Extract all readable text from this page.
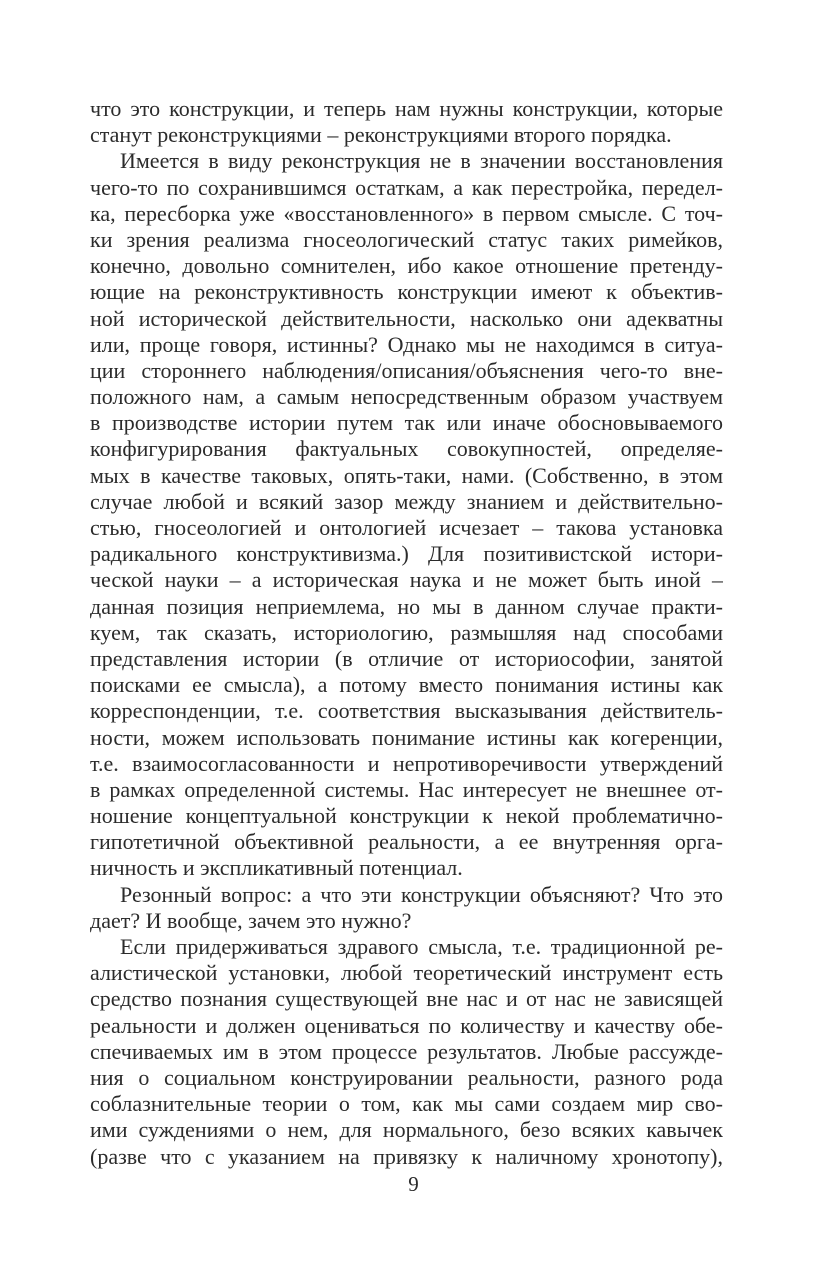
что это конструкции, и теперь нам нужны конструкции, которые
станут реконструкциями – реконструкциями второго порядка.
Имеется в виду реконструкция не в значении восстановления
чего-то по сохранившимся остаткам, а как перестройка, передел-
ка, пересборка уже «восстановленного» в первом смысле. С точ-
ки зрения реализма гносеологический статус таких римейков,
конечно, довольно сомнителен, ибо какое отношение претенду-
ющие на реконструктивность конструкции имеют к объектив-
ной исторической действительности, насколько они адекватны
или, проще говоря, истинны? Однако мы не находимся в ситуа-
ции стороннего наблюдения/описания/объяснения чего-то вне-
положного нам, а самым непосредственным образом участвуем
в производстве истории путем так или иначе обосновываемого
конфигурирования фактуальных совокупностей, определяе-
мых в качестве таковых, опять-таки, нами. (Собственно, в этом
случае любой и всякий зазор между знанием и действительно-
стью, гносеологией и онтологией исчезает – такова установка
радикального конструктивизма.) Для позитивистской истори-
ческой науки – а историческая наука и не может быть иной –
данная позиция неприемлема, но мы в данном случае практи-
куем, так сказать, историологию, размышляя над способами
представления истории (в отличие от историософии, занятой
поисками ее смысла), а потому вместо понимания истины как
корреспонденции, т.е. соответствия высказывания действитель-
ности, можем использовать понимание истины как когеренции,
т.е. взаимосогласованности и непротиворечивости утверждений
в рамках определенной системы. Нас интересует не внешнее от-
ношение концептуальной конструкции к некой проблематично-
гипотетичной объективной реальности, а ее внутренняя орга-
ничность и экспликативный потенциал.
Резонный вопрос: а что эти конструкции объясняют? Что это
дает? И вообще, зачем это нужно?
Если придерживаться здравого смысла, т.е. традиционной ре-
алистической установки, любой теоретический инструмент есть
средство познания существующей вне нас и от нас не зависящей
реальности и должен оцениваться по количеству и качеству обе-
спечиваемых им в этом процессе результатов. Любые рассужде-
ния о социальном конструировании реальности, разного рода
соблазнительные теории о том, как мы сами создаем мир сво-
ими суждениями о нем, для нормального, безо всяких кавычек
(разве что с указанием на привязку к наличному хронотопу),
9
